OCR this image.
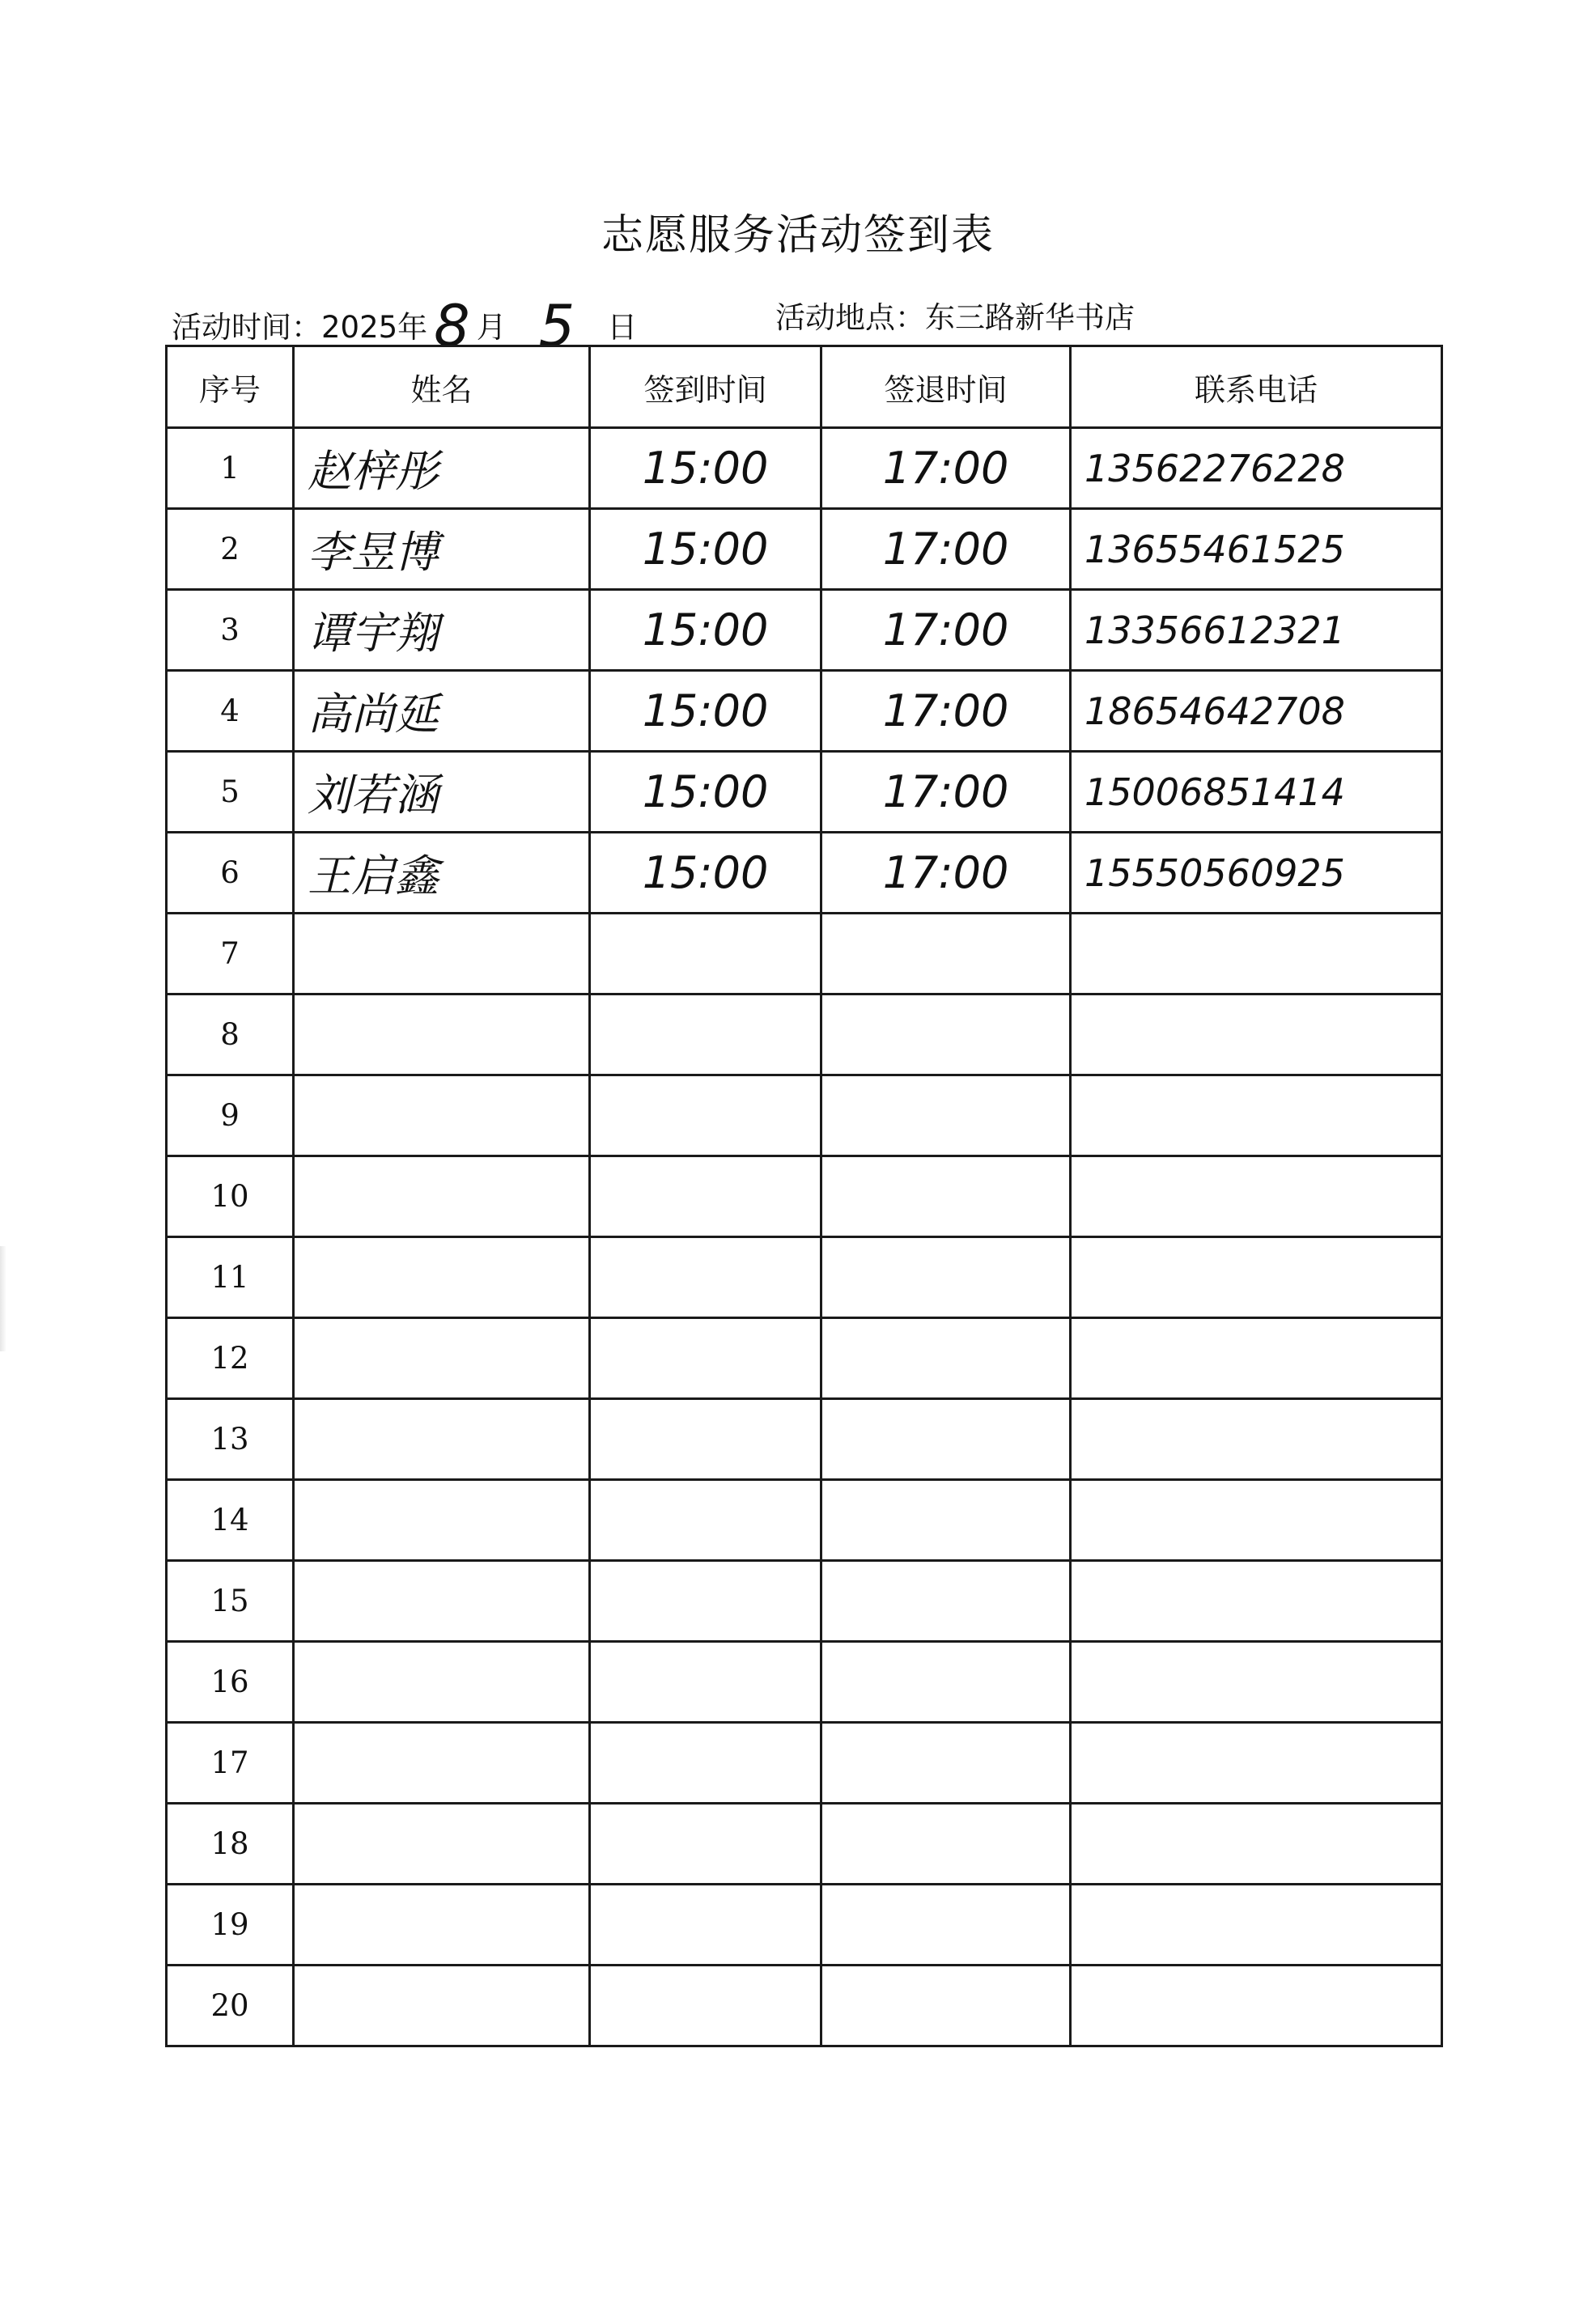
志愿服务活动签到表
活动时间：2025年 8 月 5 日	活动地点：东三路新华书店
序号	姓名	签到时间	签退时间	联系电话
1	赵梓彤	15:00	17:00	13562276228
2	李昱博	15:00	17:00	13655461525
3	谭宇翔	15:00	17:00	13356612321
4	高尚延	15:00	17:00	18654642708
5	刘若涵	15:00	17:00	15006851414
6	王启鑫	15:00	17:00	15550560925
7				
8				
9				
10				
11				
12				
13				
14				
15				
16				
17				
18				
19				
20				
